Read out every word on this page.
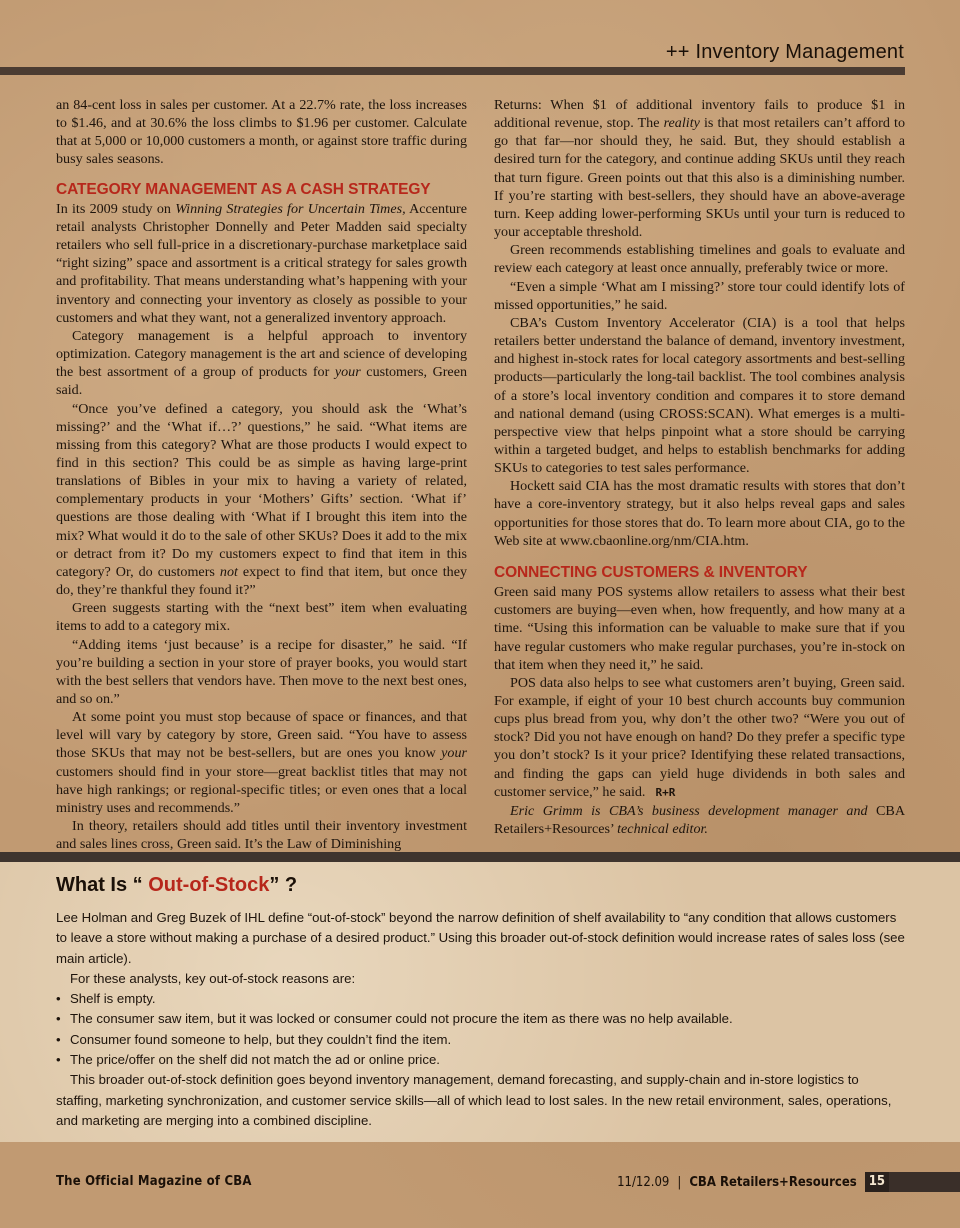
++ Inventory Management

an 84-cent loss in sales per customer. At a 22.7% rate, the loss increases to $1.46, and at 30.6% the loss climbs to $1.96 per customer. Calculate that at 5,000 or 10,000 customers a month, or against store traffic during busy sales seasons.

CATEGORY MANAGEMENT AS A CASH STRATEGY

In its 2009 study on Winning Strategies for Uncertain Times, Accenture retail analysts Christopher Donnelly and Peter Madden said specialty retailers who sell full-price in a discretionary-purchase marketplace said “right sizing” space and assortment is a critical strategy for sales growth and profitability. That means understanding what’s happening with your inventory and connecting your inventory as closely as possible to your customers and what they want, not a generalized inventory approach.

Category management is a helpful approach to inventory optimization. Category management is the art and science of developing the best assortment of a group of products for your customers, Green said.

“Once you’ve defined a category, you should ask the ‘What’s missing?’ and the ‘What if…?’ questions,” he said. “What items are missing from this category? What are those products I would expect to find in this section? This could be as simple as having large-print translations of Bibles in your mix to having a variety of related, complementary products in your ‘Mothers’ Gifts’ section. ‘What if’ questions are those dealing with ‘What if I brought this item into the mix? What would it do to the sale of other SKUs? Does it add to the mix or detract from it? Do my customers expect to find that item in this category? Or, do customers not expect to find that item, but once they do, they’re thankful they found it?”

Green suggests starting with the “next best” item when evaluating items to add to a category mix.

“Adding items ‘just because’ is a recipe for disaster,” he said. “If you’re building a section in your store of prayer books, you would start with the best sellers that vendors have. Then move to the next best ones, and so on.”

At some point you must stop because of space or finances, and that level will vary by category by store, Green said. “You have to assess those SKUs that may not be best-sellers, but are ones you know your customers should find in your store—great backlist titles that may not have high rankings; or regional-specific titles; or even ones that a local ministry uses and recommends.”

In theory, retailers should add titles until their inventory investment and sales lines cross, Green said. It’s the Law of Diminishing

Returns: When $1 of additional inventory fails to produce $1 in additional revenue, stop. The reality is that most retailers can’t afford to go that far—nor should they, he said. But, they should establish a desired turn for the category, and continue adding SKUs until they reach that turn figure. Green points out that this also is a diminishing number. If you’re starting with best-sellers, they should have an above-average turn. Keep adding lower-performing SKUs until your turn is reduced to your acceptable threshold.

Green recommends establishing timelines and goals to evaluate and review each category at least once annually, preferably twice or more.

“Even a simple ‘What am I missing?’ store tour could identify lots of missed opportunities,” he said.

CBA’s Custom Inventory Accelerator (CIA) is a tool that helps retailers better understand the balance of demand, inventory investment, and highest in-stock rates for local category assortments and best-selling products—particularly the long-tail backlist. The tool combines analysis of a store’s local inventory condition and compares it to store demand and national demand (using CROSS:SCAN). What emerges is a multi-perspective view that helps pinpoint what a store should be carrying within a targeted budget, and helps to establish benchmarks for adding SKUs to categories to test sales performance.

Hockett said CIA has the most dramatic results with stores that don’t have a core-inventory strategy, but it also helps reveal gaps and sales opportunities for those stores that do. To learn more about CIA, go to the Web site at www.cbaonline.org/nm/CIA.htm.

CONNECTING CUSTOMERS & INVENTORY

Green said many POS systems allow retailers to assess what their best customers are buying—even when, how frequently, and how many at a time. “Using this information can be valuable to make sure that if you have regular customers who make regular purchases, you’re in-stock on that item when they need it,” he said.

POS data also helps to see what customers aren’t buying, Green said. For example, if eight of your 10 best church accounts buy communion cups plus bread from you, why don’t the other two? “Were you out of stock? Did you not have enough on hand? Do they prefer a specific type you don’t stock? Is it your price? Identifying these related transactions, and finding the gaps can yield huge dividends in both sales and customer service,” he said. R+R

Eric Grimm is CBA’s business development manager and CBA Retailers+Resources’ technical editor.

What Is “ Out-of-Stock” ?

Lee Holman and Greg Buzek of IHL define “out-of-stock” beyond the narrow definition of shelf availability to “any condition that allows customers to leave a store without making a purchase of a desired product.” Using this broader out-of-stock definition would increase rates of sales loss (see main article).

For these analysts, key out-of-stock reasons are:

• Shelf is empty.
• The consumer saw item, but it was locked or consumer could not procure the item as there was no help available.
• Consumer found someone to help, but they couldn’t find the item.
• The price/offer on the shelf did not match the ad or online price.

This broader out-of-stock definition goes beyond inventory management, demand forecasting, and supply-chain and in-store logistics to staffing, marketing synchronization, and customer service skills—all of which lead to lost sales. In the new retail environment, sales, operations, and marketing are merging into a combined discipline.

The Official Magazine of CBA	11/12.09 | CBA Retailers+Resources 15
